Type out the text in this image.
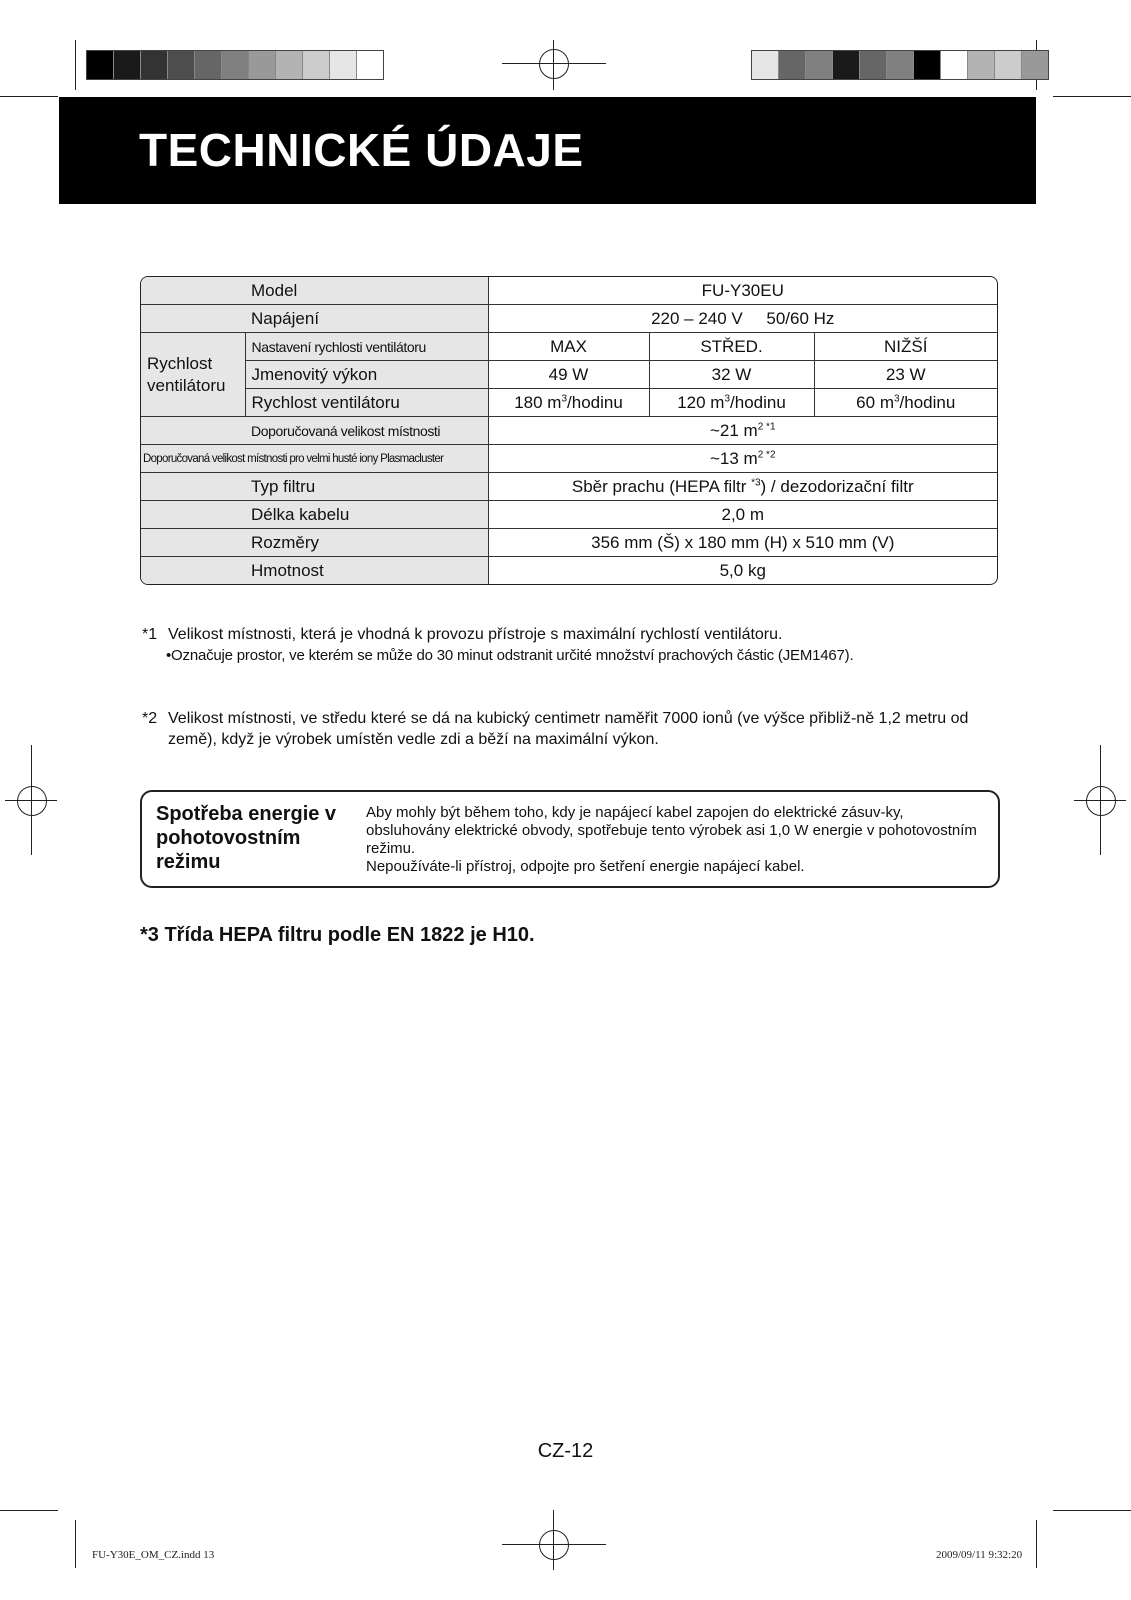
TECHNICKÉ ÚDAJE
Model		FU-Y30EU		
Napájení		220 – 240 V     50/60 Hz		
Rychlost
ventilátoru	Nastavení rychlosti ventilátoru	MAX	STŘED.	NIŽŠÍ
	Jmenovitý výkon	49 W	32 W	23 W
	Rychlost ventilátoru	180 $m^3$/hodinu	120 $m^3$/hodinu	60 $m^3$/hodinu
Doporučovaná velikost místnosti		~21 $m^{2 *1}$
Doporučovaná velikost místnosti pro velmi husté iony Plasmacluster		~13 $m^{2 *2}$
Typ filtru		Sběr prachu (HEPA filtr $^{*3}$) / dezodorizační filtr		
Délka kabelu		2,0 m		
Rozměry		356 mm (Š) x 180 mm (H) x 510 mm (V)		
Hmotnost		5,0 kg		
*1 Velikost místnosti, která je vhodná k provozu přístroje s maximální rychlostí ventilátoru.
•Označuje prostor, ve kterém se může do 30 minut odstranit určité množství prachových částic (JEM1467).
*2 Velikost místnosti, ve středu které se dá na kubický centimetr naměřit 7000 ionů (ve výšce přibliž-ně 1,2 metru od země), když je výrobek umístěn vedle zdi a běží na maximální výkon.
Spotřeba energie v pohotovostním režimu
Aby mohly být během toho, kdy je napájecí kabel zapojen do elektrické zásuv-ky, obsluhovány elektrické obvody, spotřebuje tento výrobek asi 1,0 W energie v pohotovostním režimu.
Nepoužíváte-li přístroj, odpojte pro šetření energie napájecí kabel.
*3 Třída HEPA filtru podle EN 1822 je H10.
CZ-12
FU-Y30E_OM_CZ.indd 13	2009/09/11 9:32:20
